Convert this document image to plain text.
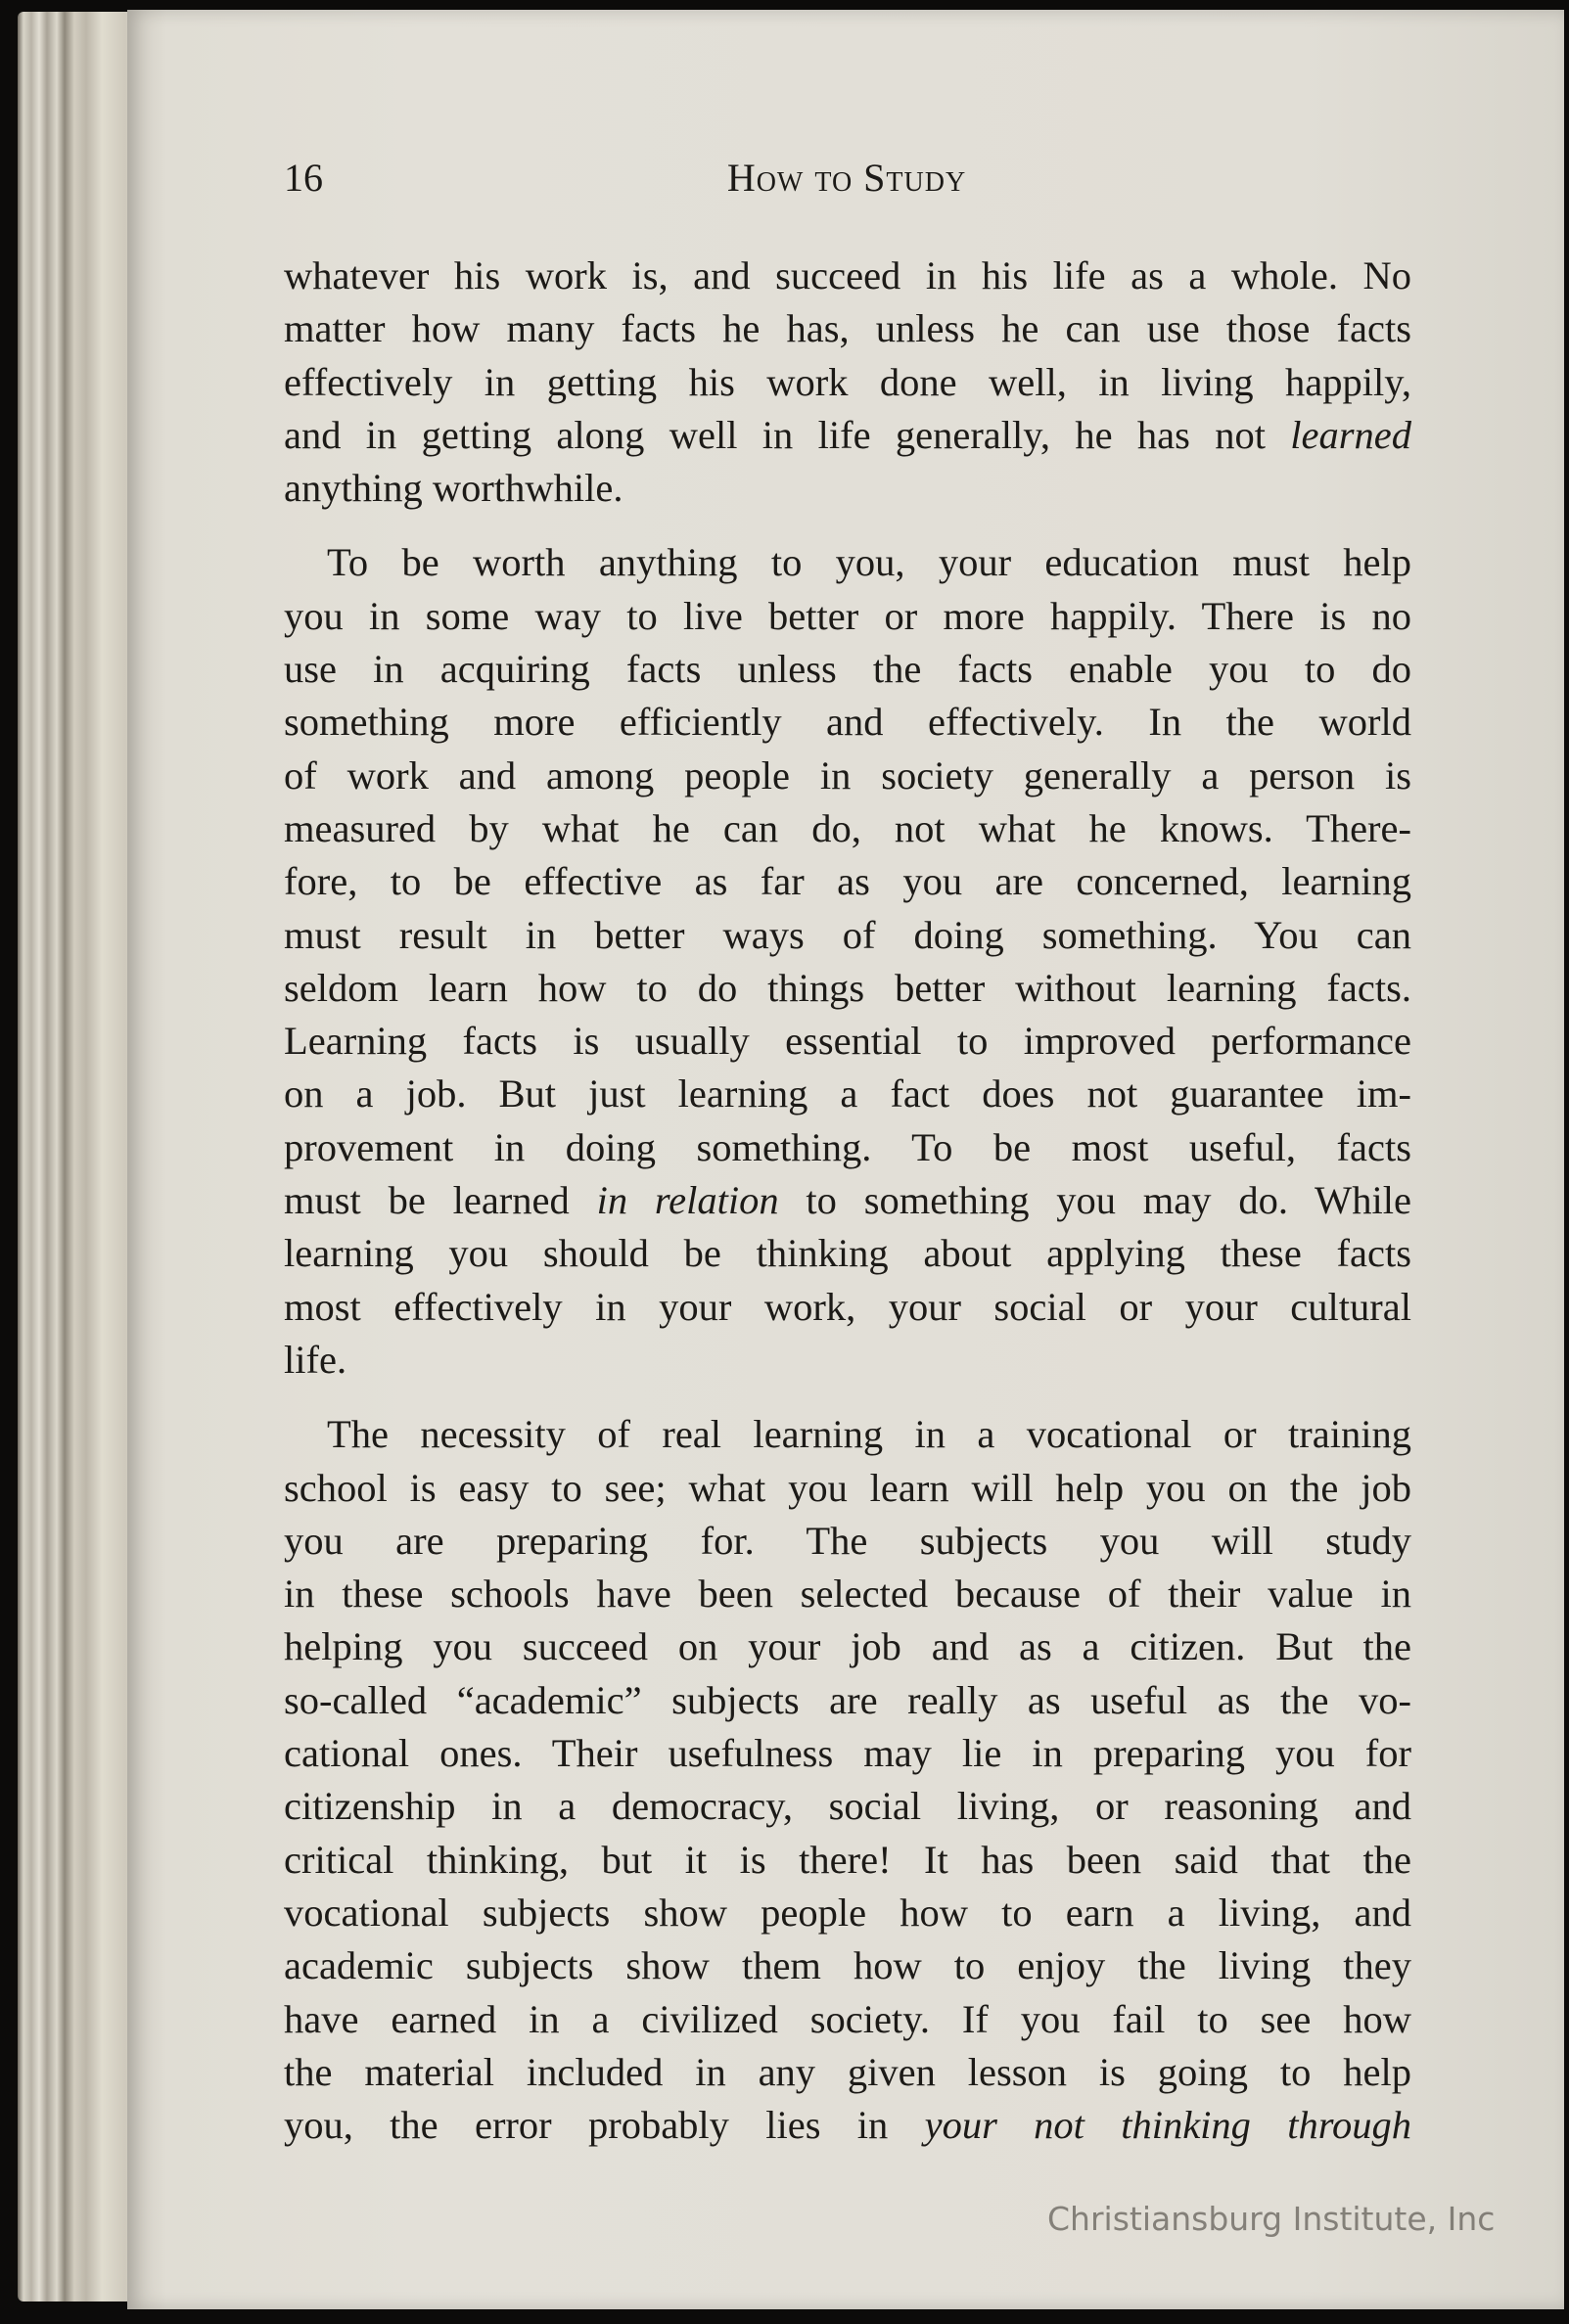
16	How to Study
whatever his work is, and succeed in his life as a whole. No
matter how many facts he has, unless he can use those facts
effectively in getting his work done well, in living happily,
and in getting along well in life generally, he has not learned
anything worthwhile.
To be worth anything to you, your education must help
you in some way to live better or more happily. There is no
use in acquiring facts unless the facts enable you to do
something more efficiently and effectively. In the world
of work and among people in society generally a person is
measured by what he can do, not what he knows. There-
fore, to be effective as far as you are concerned, learning
must result in better ways of doing something. You can
seldom learn how to do things better without learning facts.
Learning facts is usually essential to improved performance
on a job. But just learning a fact does not guarantee im-
provement in doing something. To be most useful, facts
must be learned in relation to something you may do. While
learning you should be thinking about applying these facts
most effectively in your work, your social or your cultural
life.
The necessity of real learning in a vocational or training
school is easy to see; what you learn will help you on the job
you are preparing for. The subjects you will study
in these schools have been selected because of their value in
helping you succeed on your job and as a citizen. But the
so-called “academic” subjects are really as useful as the vo-
cational ones. Their usefulness may lie in preparing you for
citizenship in a democracy, social living, or reasoning and
critical thinking, but it is there! It has been said that the
vocational subjects show people how to earn a living, and
academic subjects show them how to enjoy the living they
have earned in a civilized society. If you fail to see how
the material included in any given lesson is going to help
you, the error probably lies in your not thinking through
Christiansburg Institute, Inc
